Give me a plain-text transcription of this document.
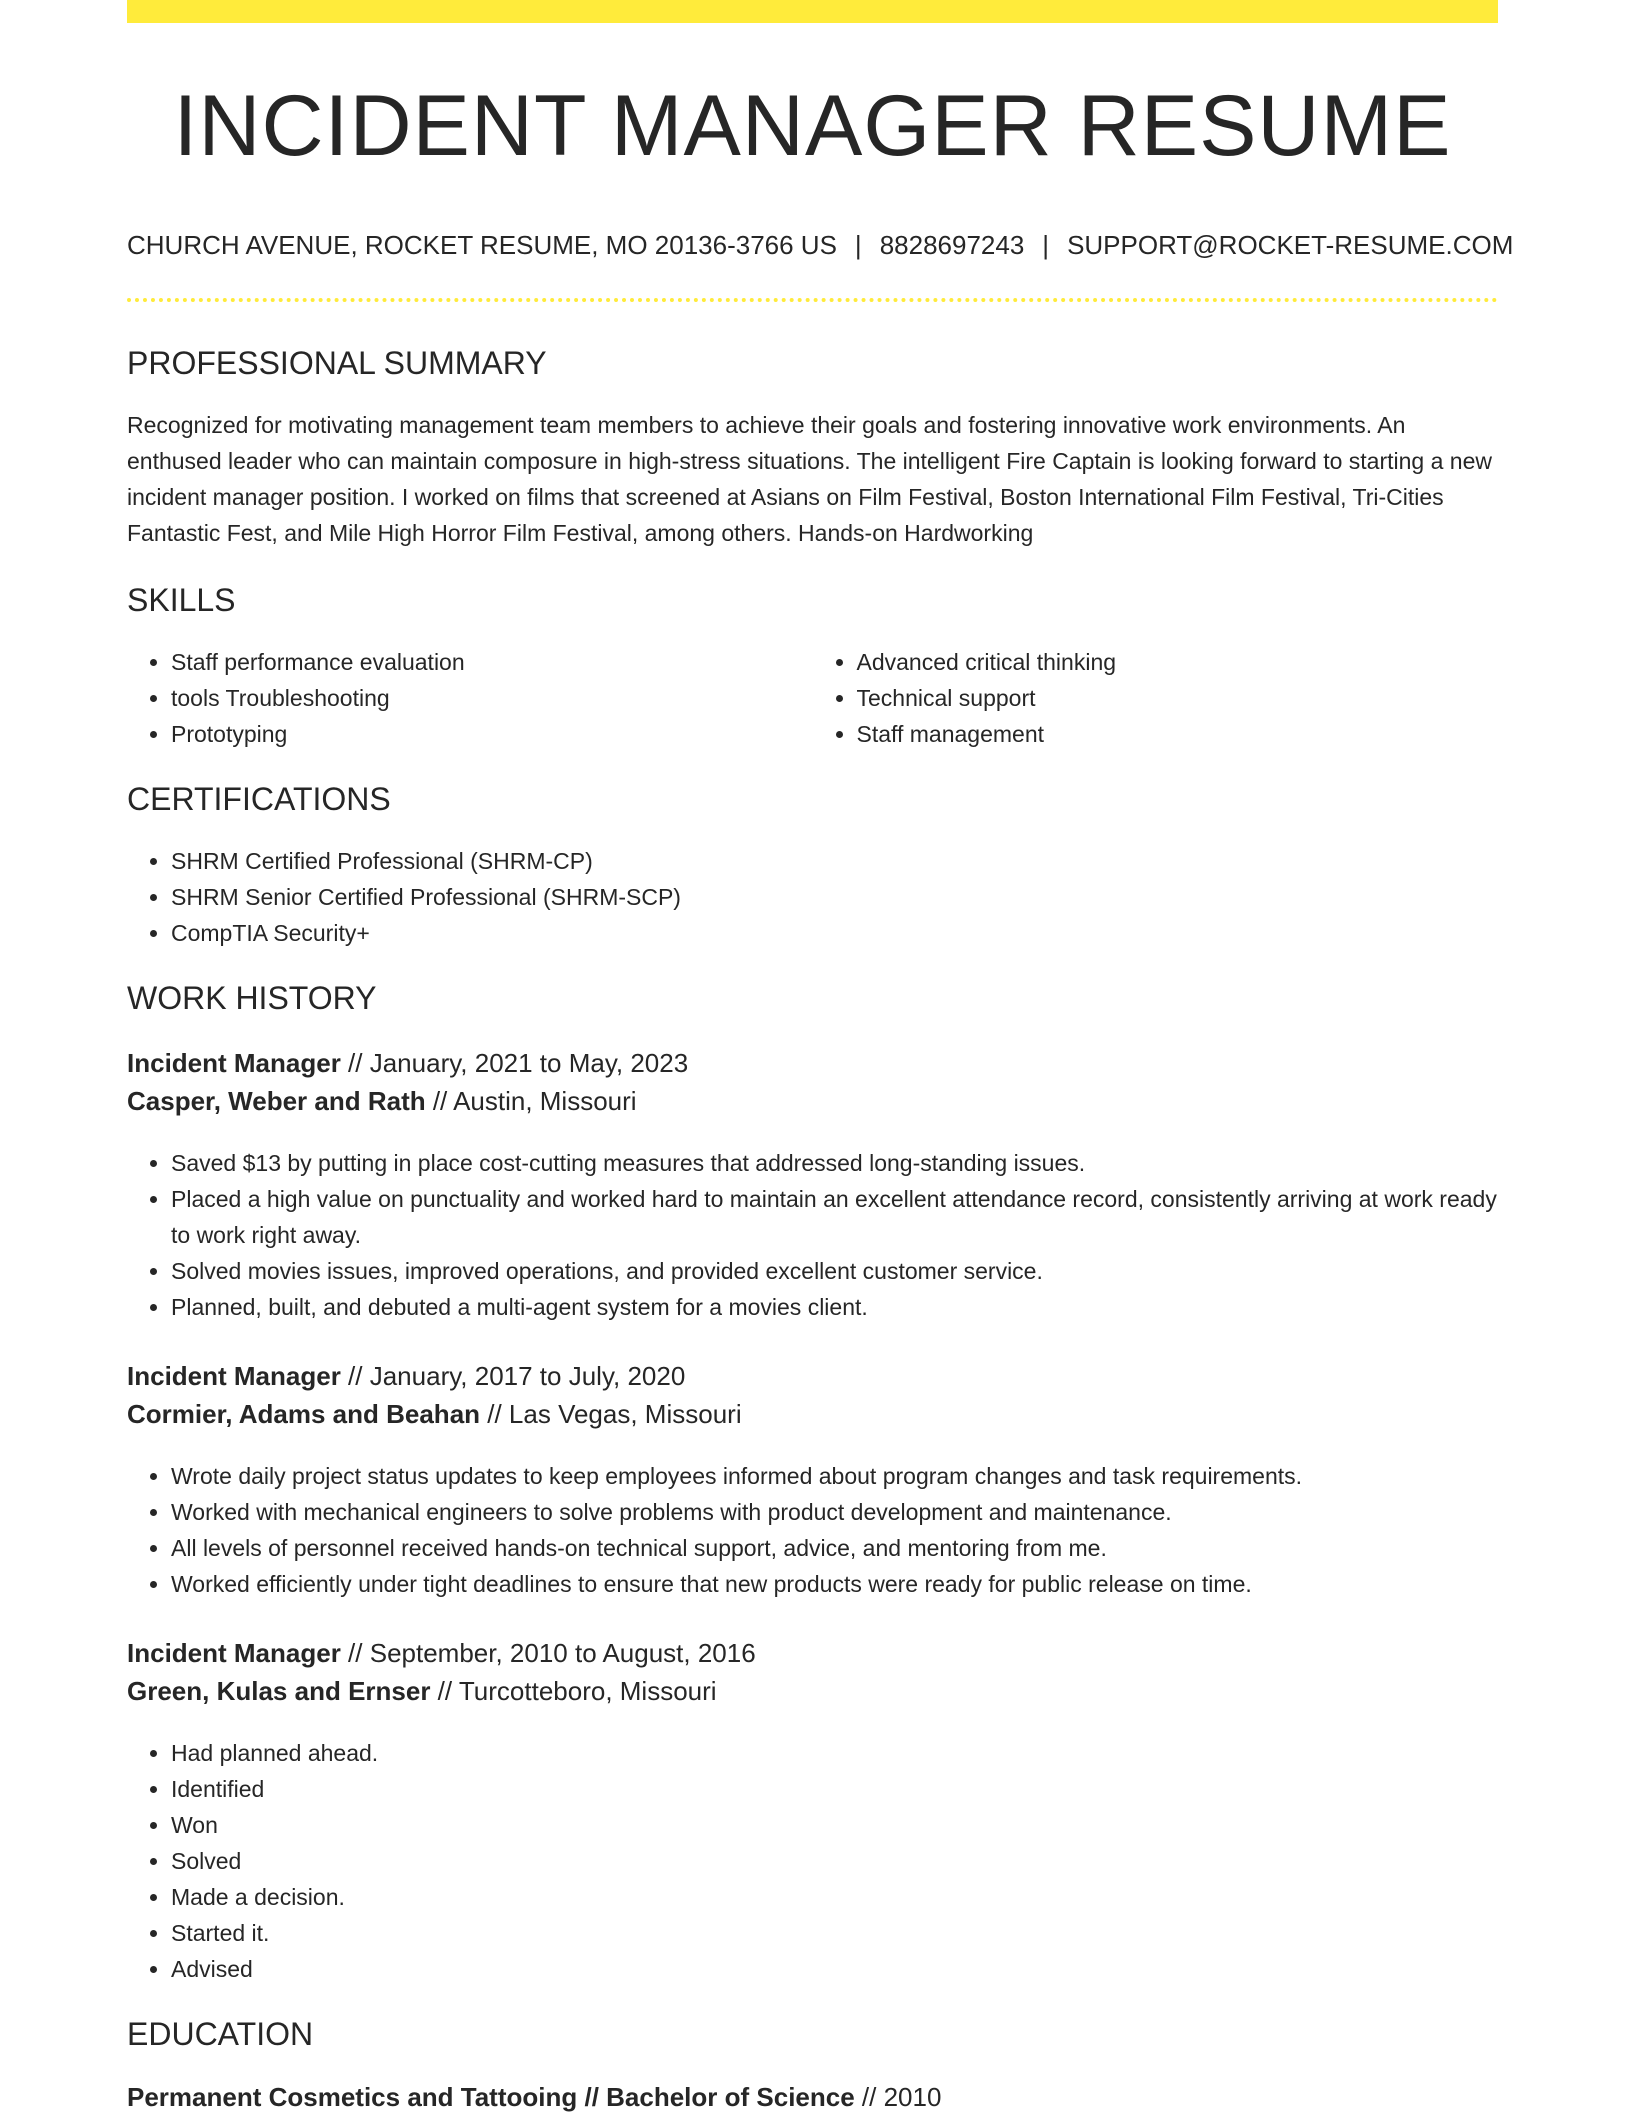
INCIDENT MANAGER RESUME
CHURCH AVENUE, ROCKET RESUME, MO 20136-3766 US | 8828697243 | SUPPORT@ROCKET-RESUME.COM
PROFESSIONAL SUMMARY

Recognized for motivating management team members to achieve their goals and fostering innovative work environments. An enthused leader who can maintain composure in high-stress situations. The intelligent Fire Captain is looking forward to starting a new incident manager position. I worked on films that screened at Asians on Film Festival, Boston International Film Festival, Tri-Cities Fantastic Fest, and Mile High Horror Film Festival, among others. Hands-on Hardworking

SKILLS
• Staff performance evaluation
• tools Troubleshooting
• Prototyping
• Advanced critical thinking
• Technical support
• Staff management
CERTIFICATIONS
• SHRM Certified Professional (SHRM-CP)
• SHRM Senior Certified Professional (SHRM-SCP)
• CompTIA Security+
WORK HISTORY

Incident Manager // January, 2021 to May, 2023

Casper, Weber and Rath // Austin, Missouri

• Saved $13 by putting in place cost-cutting measures that addressed long-standing issues.
• Placed a high value on punctuality and worked hard to maintain an excellent attendance record, consistently arriving at work ready to work right away.
• Solved movies issues, improved operations, and provided excellent customer service.
• Planned, built, and debuted a multi-agent system for a movies client.

Incident Manager // January, 2017 to July, 2020

Cormier, Adams and Beahan // Las Vegas, Missouri

• Wrote daily project status updates to keep employees informed about program changes and task requirements.
• Worked with mechanical engineers to solve problems with product development and maintenance.
• All levels of personnel received hands-on technical support, advice, and mentoring from me.
• Worked efficiently under tight deadlines to ensure that new products were ready for public release on time.

Incident Manager // September, 2010 to August, 2016

Green, Kulas and Ernser // Turcotteboro, Missouri

• Had planned ahead.
• Identified
• Won
• Solved
• Made a decision.
• Started it.
• Advised
EDUCATION

Permanent Cosmetics and Tattooing // Bachelor of Science // 2010
